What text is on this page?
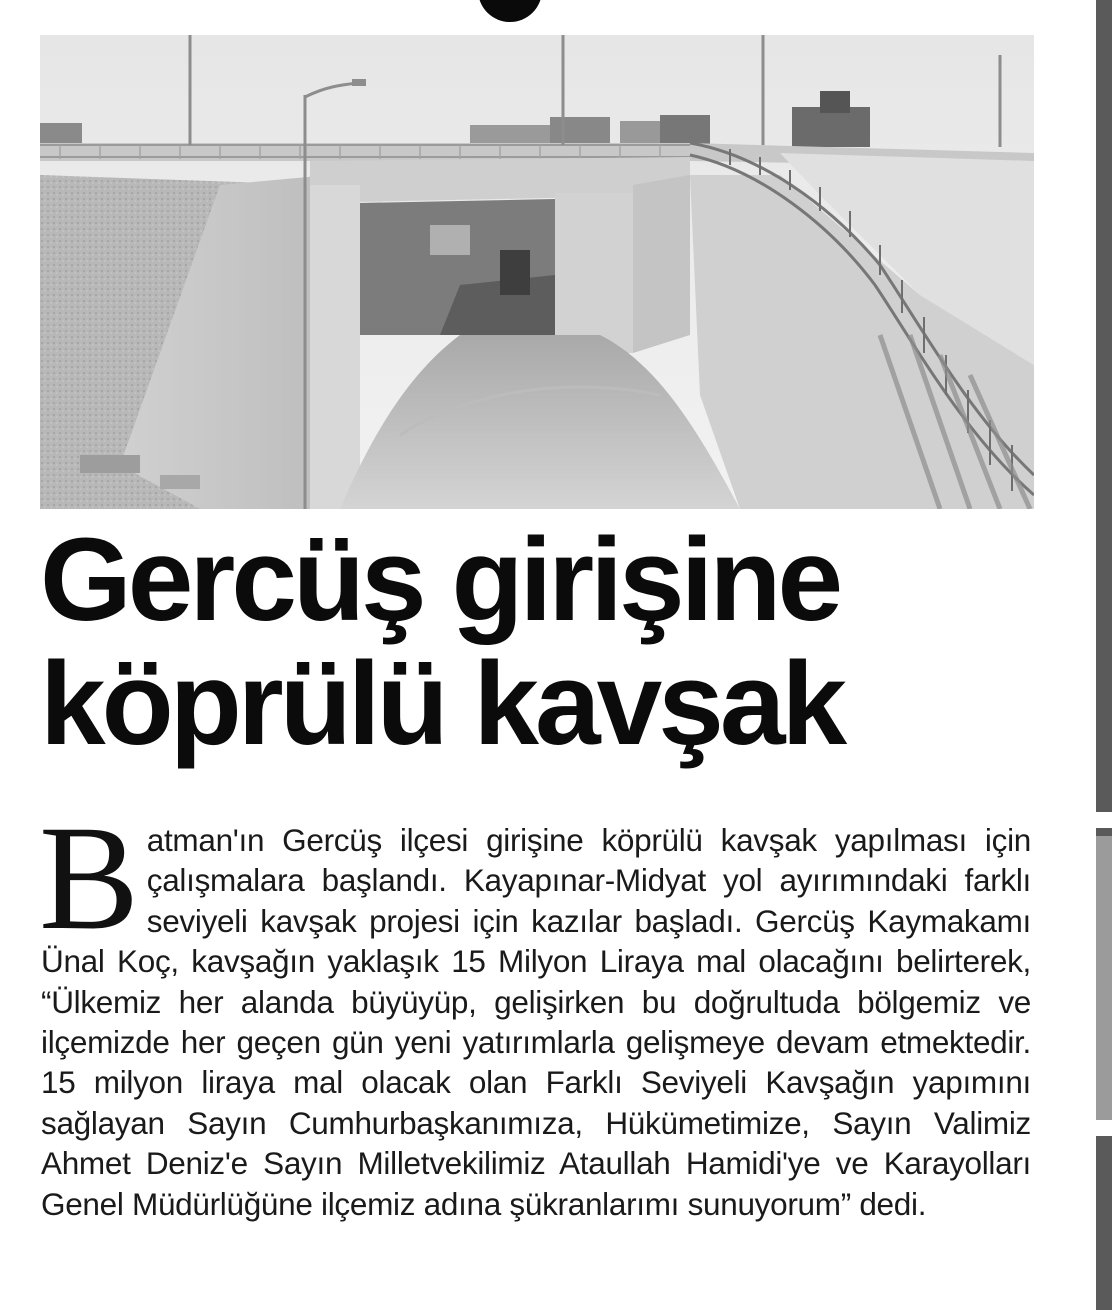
Gercüş girişine
köprülü kavşak

Batman'ın Gercüş ilçesi girişine köprülü kavşak yapılması için çalışmalara başlandı. Kayapınar-Midyat yol ayırımındaki farklı seviyeli kavşak projesi için kazılar başladı. Gercüş Kaymakamı Ünal Koç, kavşağın yaklaşık 15 Milyon Liraya mal olacağını belirterek, “Ülkemiz her alanda büyüyüp, gelişirken bu doğrultuda bölgemiz ve ilçemizde her geçen gün yeni yatırımlarla gelişmeye devam etmektedir. 15 milyon liraya mal olacak olan Farklı Seviyeli Kavşağın yapımını sağlayan Sayın Cumhurbaşkanımıza, Hükümetimize, Sayın Valimiz Ahmet Deniz'e Sayın Milletvekilimiz Ataullah Hamidi'ye ve Karayolları Genel Müdürlüğüne ilçemiz adına şükranlarımı sunuyorum” dedi.
